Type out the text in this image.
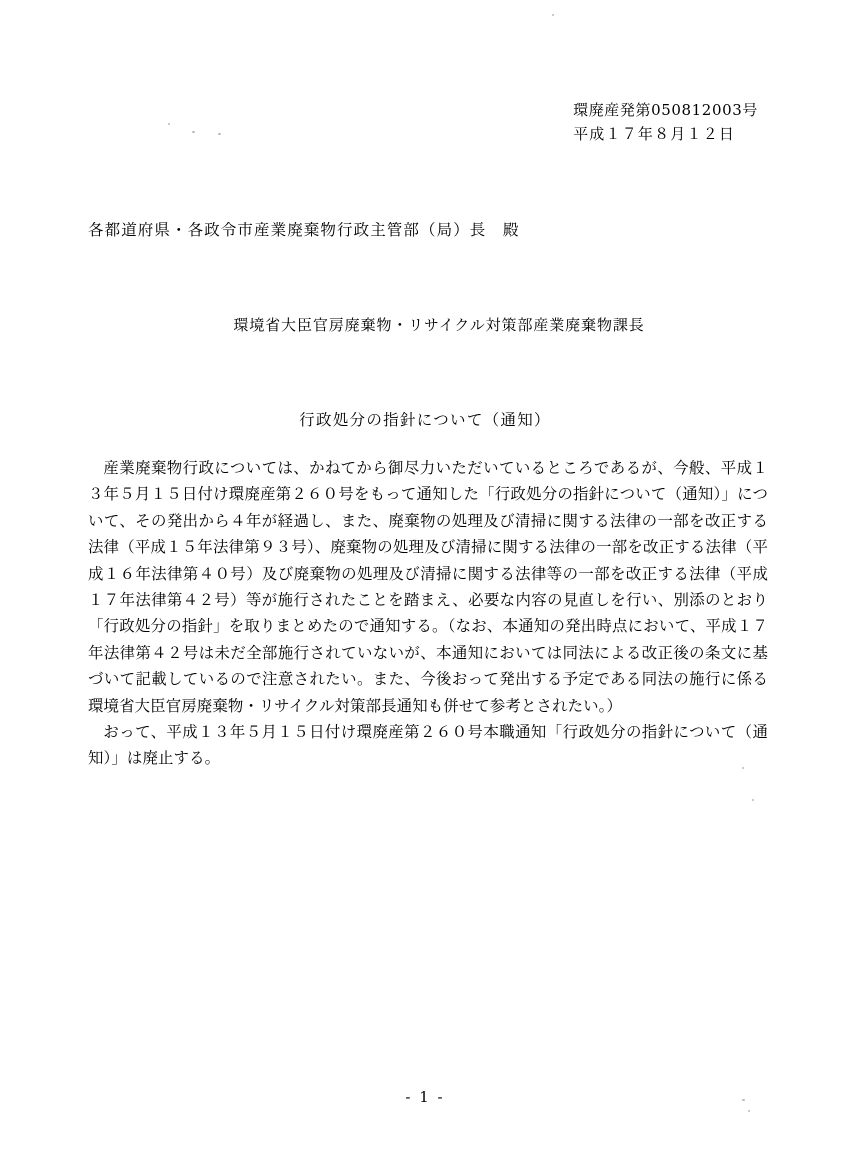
環廃産発第050812003号
平成１７年８月１２日
各都道府県・各政令市産業廃棄物行政主管部（局）長　殿
環境省大臣官房廃棄物・リサイクル対策部産業廃棄物課長
行政処分の指針について（通知）

産業廃棄物行政については、かねてから御尽力いただいているところであるが、今般、平成１３年５月１５日付け環廃産第２６０号をもって通知した「行政処分の指針について（通知）」について、その発出から４年が経過し、また、廃棄物の処理及び清掃に関する法律の一部を改正する法律（平成１５年法律第９３号）、廃棄物の処理及び清掃に関する法律の一部を改正する法律（平成１６年法律第４０号）及び廃棄物の処理及び清掃に関する法律等の一部を改正する法律（平成１７年法律第４２号）等が施行されたことを踏まえ、必要な内容の見直しを行い、別添のとおり「行政処分の指針」を取りまとめたので通知する。（なお、本通知の発出時点において、平成１７年法律第４２号は未だ全部施行されていないが、本通知においては同法による改正後の条文に基づいて記載しているので注意されたい。また、今後おって発出する予定である同法の施行に係る環境省大臣官房廃棄物・リサイクル対策部長通知も併せて参考とされたい。）

おって、平成１３年５月１５日付け環廃産第２６０号本職通知「行政処分の指針について（通知）」は廃止する。

- 1 -
